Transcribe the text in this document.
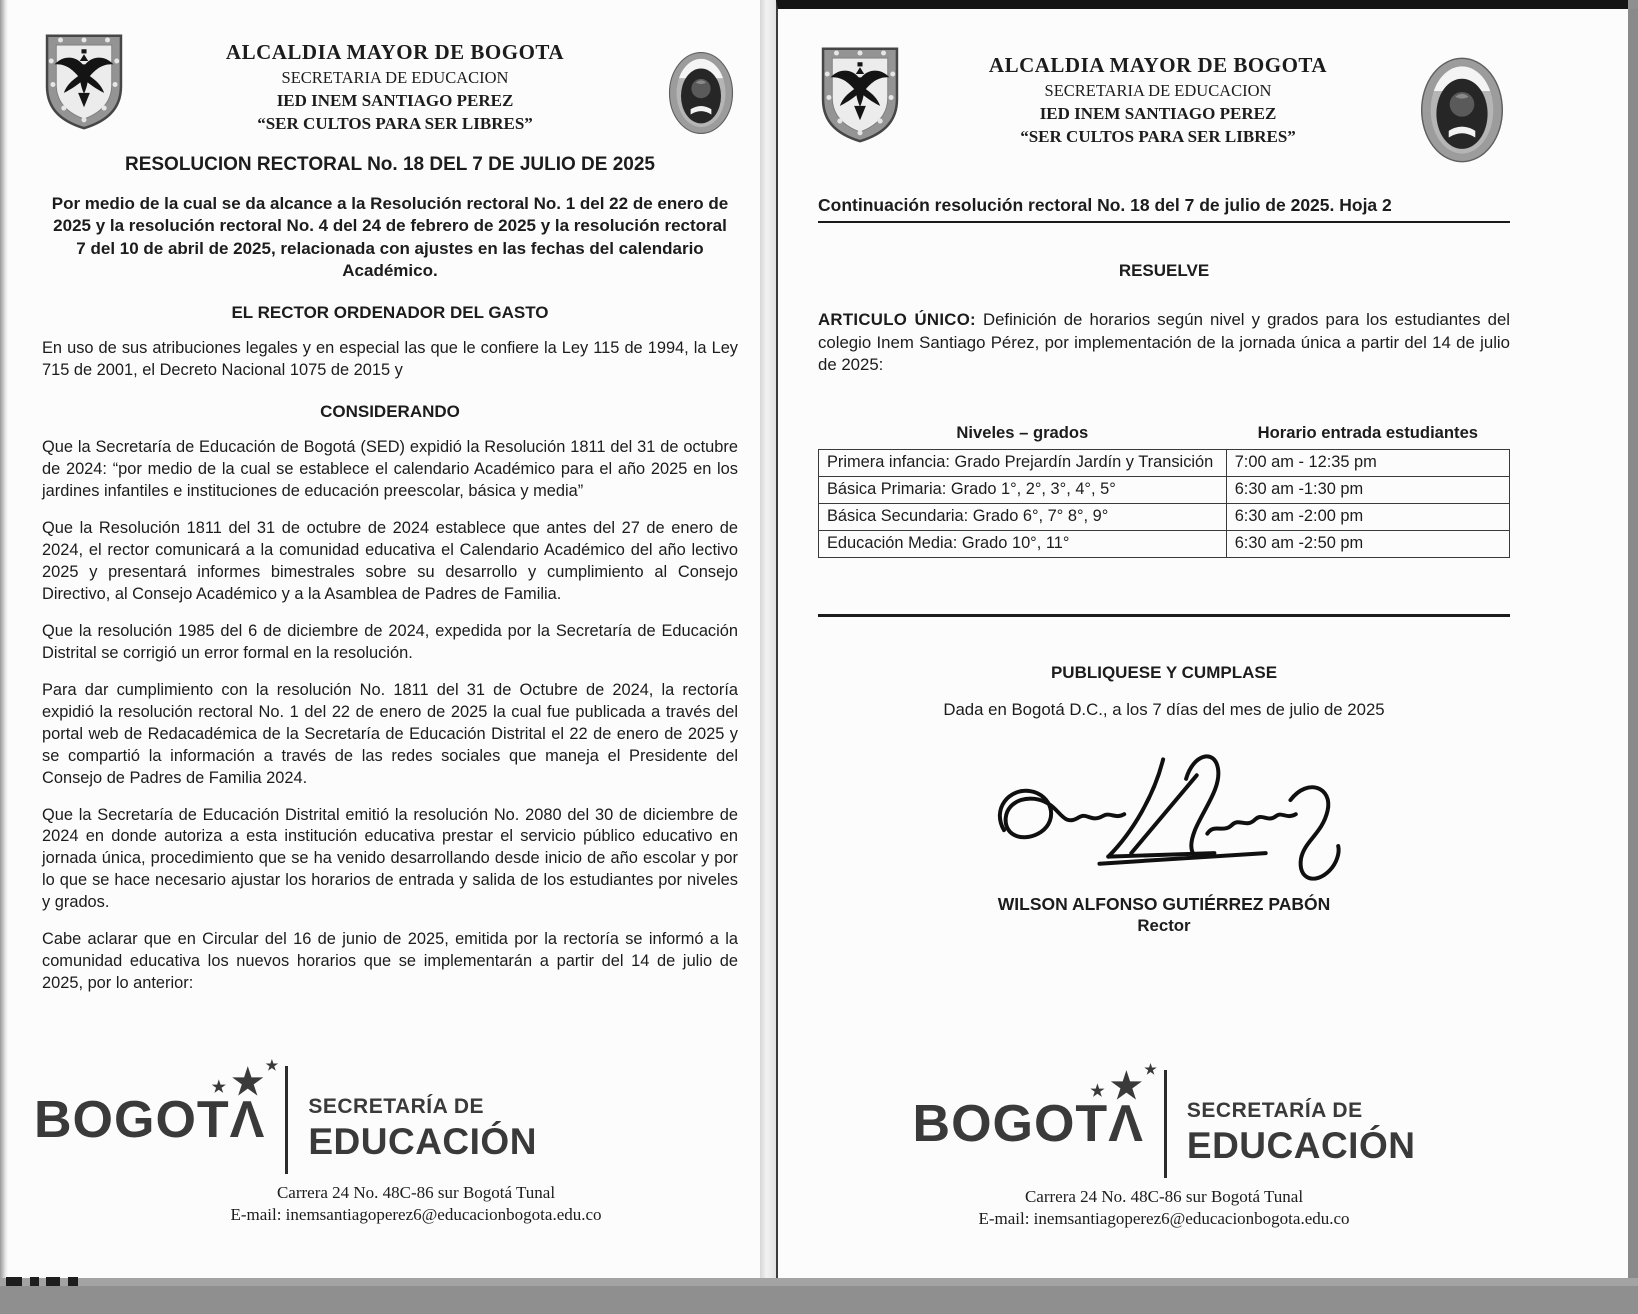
ALCALDIA MAYOR DE BOGOTA
SECRETARIA DE EDUCACION
IED INEM SANTIAGO PEREZ
“SER CULTOS PARA SER LIBRES”
RESOLUCION RECTORAL No. 18 DEL 7 DE JULIO DE 2025
Por medio de la cual se da alcance a la Resolución rectoral No. 1 del 22 de enero de 2025 y la resolución rectoral No. 4 del 24 de febrero de 2025 y la resolución rectoral 7 del 10 de abril de 2025, relacionada con ajustes en las fechas del calendario Académico.
EL RECTOR ORDENADOR DEL GASTO
En uso de sus atribuciones legales y en especial las que le confiere la Ley 115 de 1994, la Ley 715 de 2001, el Decreto Nacional 1075 de 2015 y
CONSIDERANDO
Que la Secretaría de Educación de Bogotá (SED) expidió la Resolución 1811 del 31 de octubre de 2024: “por medio de la cual se establece el calendario Académico para el año 2025 en los jardines infantiles e instituciones de educación preescolar, básica y media”
Que la Resolución 1811 del 31 de octubre de 2024 establece que antes del 27 de enero de 2024, el rector comunicará a la comunidad educativa el Calendario Académico del año lectivo 2025 y presentará informes bimestrales sobre su desarrollo y cumplimiento al Consejo Directivo, al Consejo Académico y a la Asamblea de Padres de Familia.
Que la resolución 1985 del 6 de diciembre de 2024, expedida por la Secretaría de Educación Distrital se corrigió un error formal en la resolución.
Para dar cumplimiento con la resolución No. 1811 del 31 de Octubre de 2024, la rectoría expidió la resolución rectoral No. 1 del 22 de enero de 2025 la cual fue publicada a través del portal web de Redacadémica de la Secretaría de Educación Distrital el 22 de enero de 2025 y se compartió la información a través de las redes sociales que maneja el Presidente del Consejo de Padres de Familia 2024.
Que la Secretaría de Educación Distrital emitió la resolución No. 2080 del 30 de diciembre de 2024 en donde autoriza a esta institución educativa prestar el servicio público educativo en jornada única, procedimiento que se ha venido desarrollando desde inicio de año escolar y por lo que se hace necesario ajustar los horarios de entrada y salida de los estudiantes por niveles y grados.
Cabe aclarar que en Circular del 16 de junio de 2025, emitida por la rectoría se informó a la comunidad educativa los nuevos horarios que se implementarán a partir del 14 de julio de 2025, por lo anterior:
BOGOT Λ
★
★
★
SECRETARÍA DE
EDUCACIÓN
Carrera 24 No. 48C-86 sur Bogotá Tunal
E-mail: inemsantiagoperez6@educacionbogota.edu.co
ALCALDIA MAYOR DE BOGOTA
SECRETARIA DE EDUCACION
IED INEM SANTIAGO PEREZ
“SER CULTOS PARA SER LIBRES”
Continuación resolución rectoral No. 18 del 7 de julio de 2025. Hoja 2
RESUELVE
ARTICULO ÚNICO: Definición de horarios según nivel y grados para los estudiantes del colegio Inem Santiago Pérez, por implementación de la jornada única a partir del 14 de julio de 2025:
Niveles – grados	Horario entrada estudiantes
Primera infancia: Grado Prejardín Jardín y Transición	7:00 am - 12:35 pm
Básica Primaria: Grado 1°, 2°, 3°, 4°, 5°	6:30 am -1:30 pm
Básica Secundaria: Grado 6°, 7° 8°, 9°	6:30 am -2:00 pm
Educación Media: Grado 10°, 11°	6:30 am -2:50 pm
PUBLIQUESE Y CUMPLASE
Dada en Bogotá D.C., a los 7 días del mes de julio de 2025
WILSON ALFONSO GUTIÉRREZ PABÓN
Rector
BOGOT Λ
★
★
★
SECRETARÍA DE
EDUCACIÓN
Carrera 24 No. 48C-86 sur Bogotá Tunal
E-mail: inemsantiagoperez6@educacionbogota.edu.co
